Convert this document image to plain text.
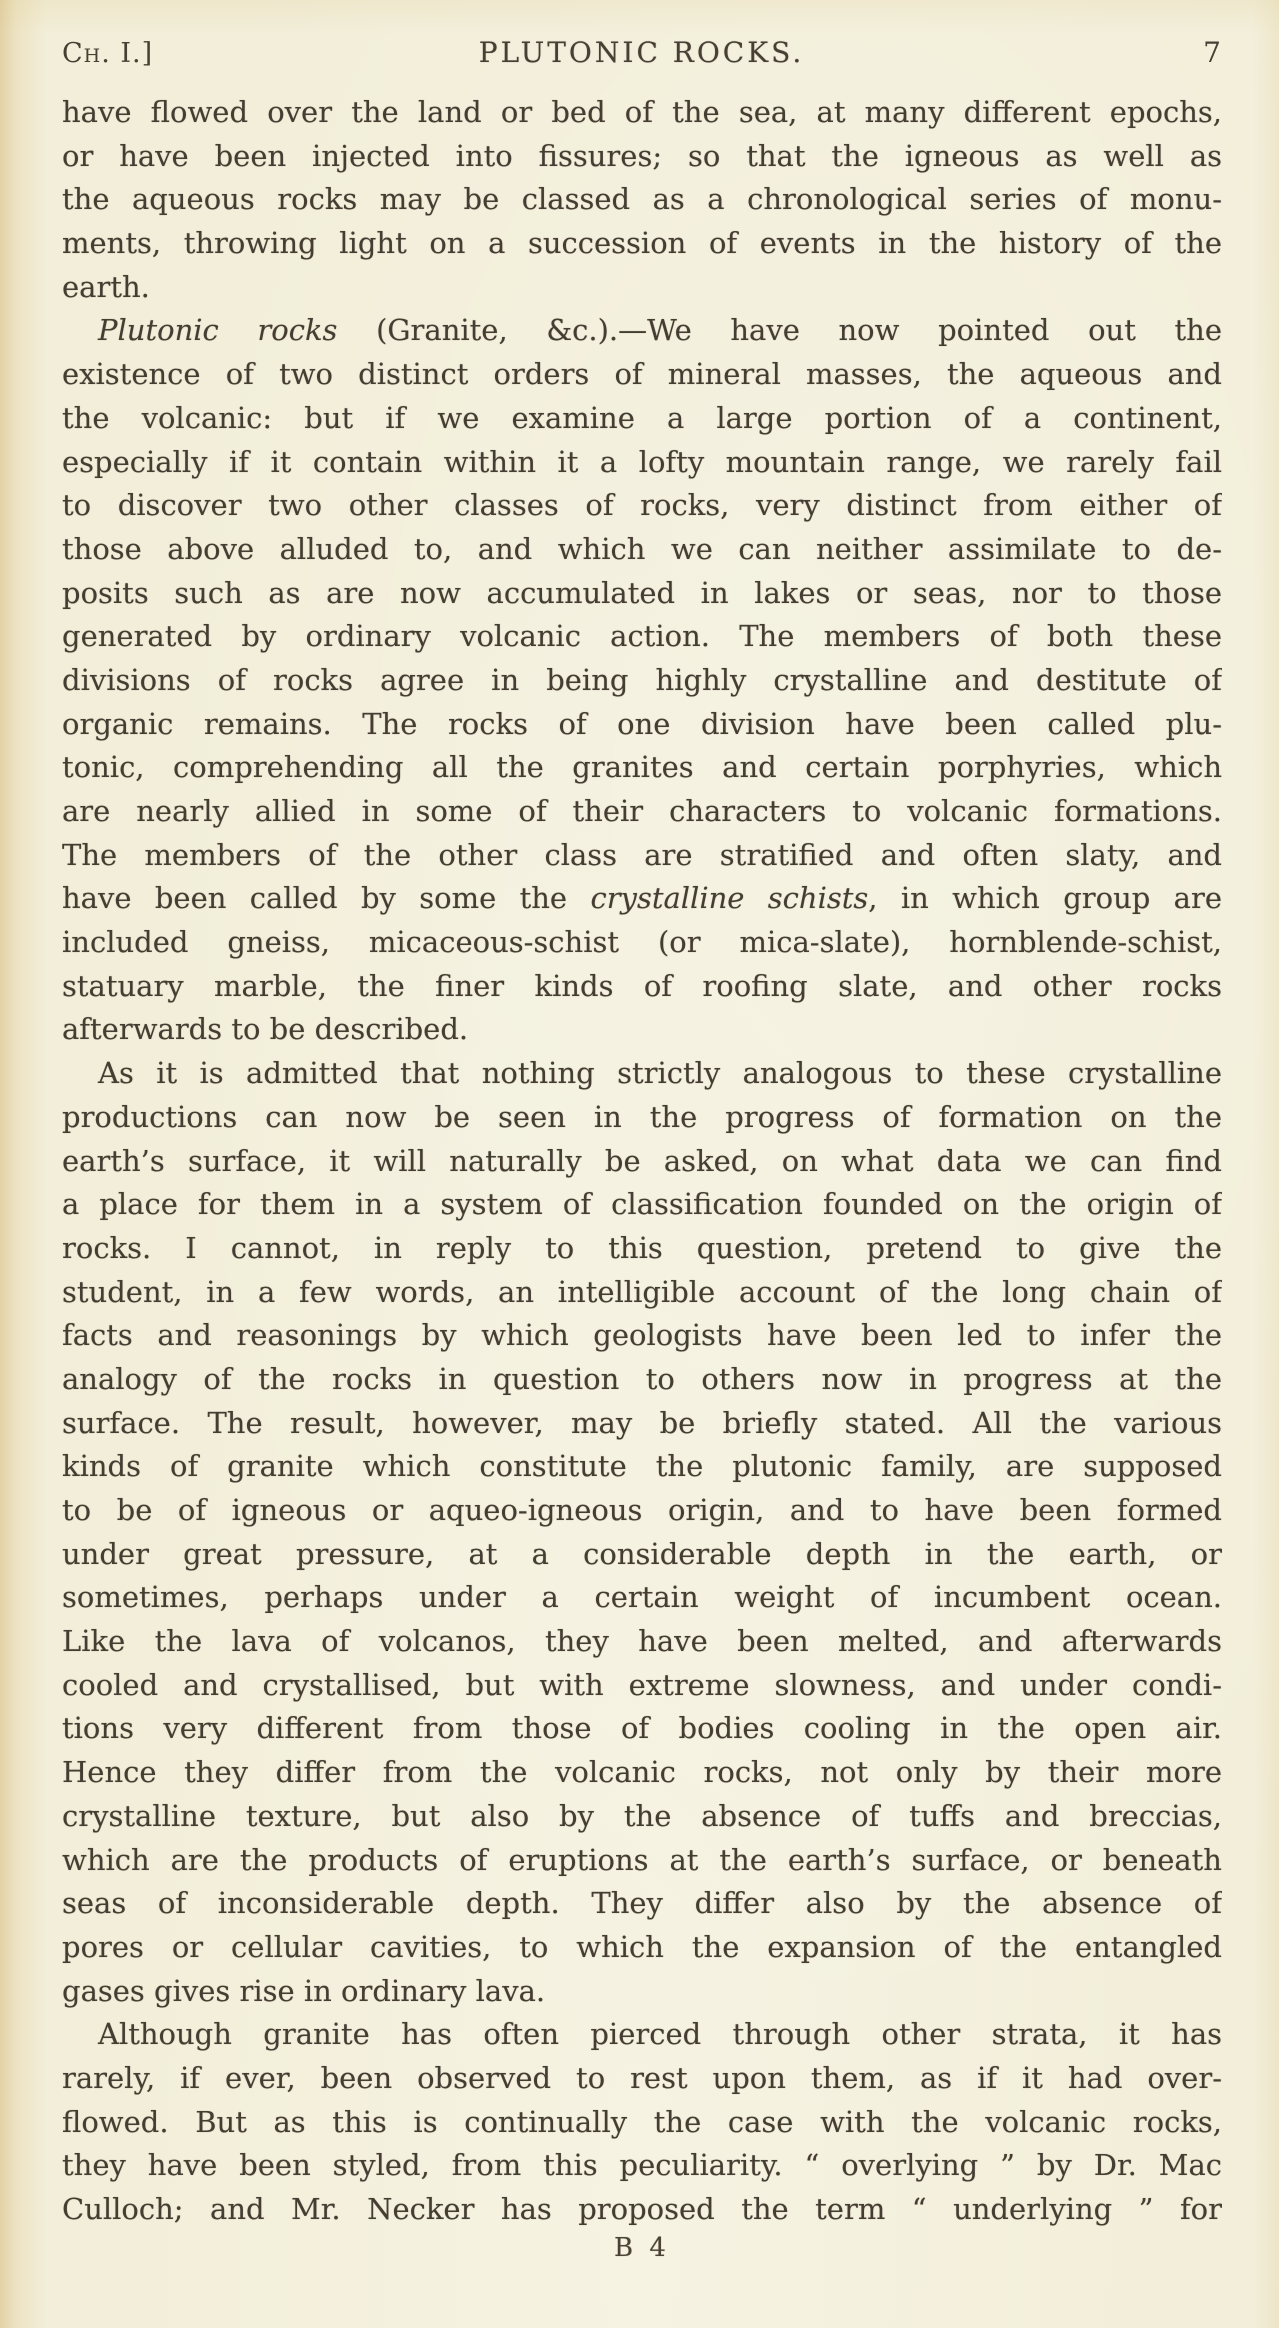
Ch. I.]	PLUTONIC ROCKS.	7
have flowed over the land or bed of the sea, at many different epochs,
or have been injected into fissures; so that the igneous as well as
the aqueous rocks may be classed as a chronological series of monu-
ments, throwing light on a succession of events in the history of the
earth.
Plutonic rocks (Granite, &c.).—We have now pointed out the
existence of two distinct orders of mineral masses, the aqueous and
the volcanic: but if we examine a large portion of a continent,
especially if it contain within it a lofty mountain range, we rarely fail
to discover two other classes of rocks, very distinct from either of
those above alluded to, and which we can neither assimilate to de-
posits such as are now accumulated in lakes or seas, nor to those
generated by ordinary volcanic action. The members of both these
divisions of rocks agree in being highly crystalline and destitute of
organic remains. The rocks of one division have been called plu-
tonic, comprehending all the granites and certain porphyries, which
are nearly allied in some of their characters to volcanic formations.
The members of the other class are stratified and often slaty, and
have been called by some the crystalline schists, in which group are
included gneiss, micaceous-schist (or mica-slate), hornblende-schist,
statuary marble, the finer kinds of roofing slate, and other rocks
afterwards to be described.
As it is admitted that nothing strictly analogous to these crystalline
productions can now be seen in the progress of formation on the
earth’s surface, it will naturally be asked, on what data we can find
a place for them in a system of classification founded on the origin of
rocks. I cannot, in reply to this question, pretend to give the
student, in a few words, an intelligible account of the long chain of
facts and reasonings by which geologists have been led to infer the
analogy of the rocks in question to others now in progress at the
surface. The result, however, may be briefly stated. All the various
kinds of granite which constitute the plutonic family, are supposed
to be of igneous or aqueo-igneous origin, and to have been formed
under great pressure, at a considerable depth in the earth, or
sometimes, perhaps under a certain weight of incumbent ocean.
Like the lava of volcanos, they have been melted, and afterwards
cooled and crystallised, but with extreme slowness, and under condi-
tions very different from those of bodies cooling in the open air.
Hence they differ from the volcanic rocks, not only by their more
crystalline texture, but also by the absence of tuffs and breccias,
which are the products of eruptions at the earth’s surface, or beneath
seas of inconsiderable depth. They differ also by the absence of
pores or cellular cavities, to which the expansion of the entangled
gases gives rise in ordinary lava.
Although granite has often pierced through other strata, it has
rarely, if ever, been observed to rest upon them, as if it had over-
flowed. But as this is continually the case with the volcanic rocks,
they have been styled, from this peculiarity. “ overlying ” by Dr. Mac
Culloch; and Mr. Necker has proposed the term “ underlying ” for
B 4
